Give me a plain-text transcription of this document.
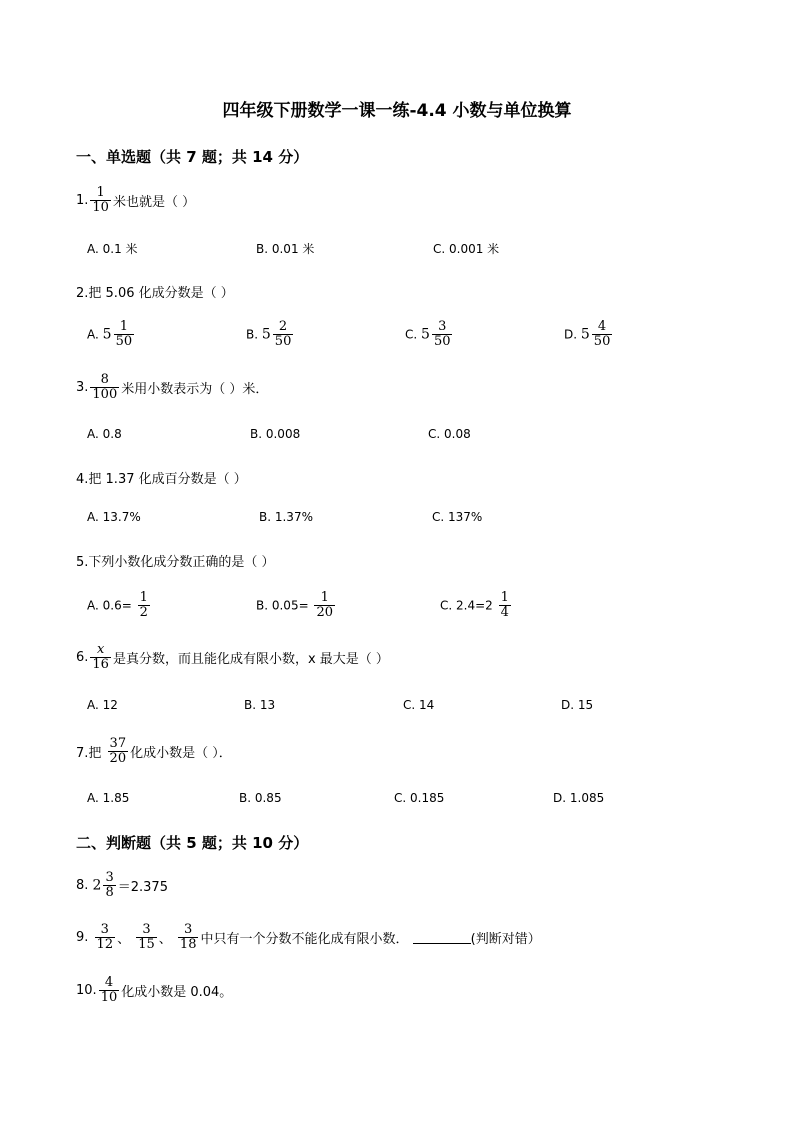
四年级下册数学一课一练-4.4 小数与单位换算
一、单选题（共 7 题；共 14 分）
1. $\frac{1}{10}$ 米也就是（ ）
A. 0.1 米	B. 0.01 米	C. 0.001 米
2.把 5.06 化成分数是（ ）
A. $5 \frac{1}{50}$	B. $5 \frac{2}{50}$	C. $5 \frac{3}{50}$	D. $5 \frac{4}{50}$
3. $\frac{8}{100}$ 米用小数表示为（ ）米．
A. 0.8	B. 0.008	C. 0.08
4.把 1.37 化成百分数是（ ）
A. 13.7%	B. 1.37%	C. 137%
5.下列小数化成分数正确的是（ ）
A. $0.6= \frac{1}{2}$	B. $0.05= \frac{1}{20}$	C. $2.4=2 \frac{1}{4}$
6. $\frac{x}{16}$ 是真分数，而且能化成有限小数，x 最大是（ ）
A. 12	B. 13	C. 14	D. 15
7.把 $\frac{37}{20}$ 化成小数是（ ）．
A. 1.85	B. 0.85	C. 0.185	D. 1.085
二、判断题（共 5 题；共 10 分）
8. $2 \frac{3}{8} =2.375$
9. $\frac{3}{12}$ 、 $\frac{3}{15}$ 、 $\frac{3}{18}$ 中只有一个分数不能化成有限小数．	(判断对错）
10. $\frac{4}{10}$ 化成小数是 0.04。
